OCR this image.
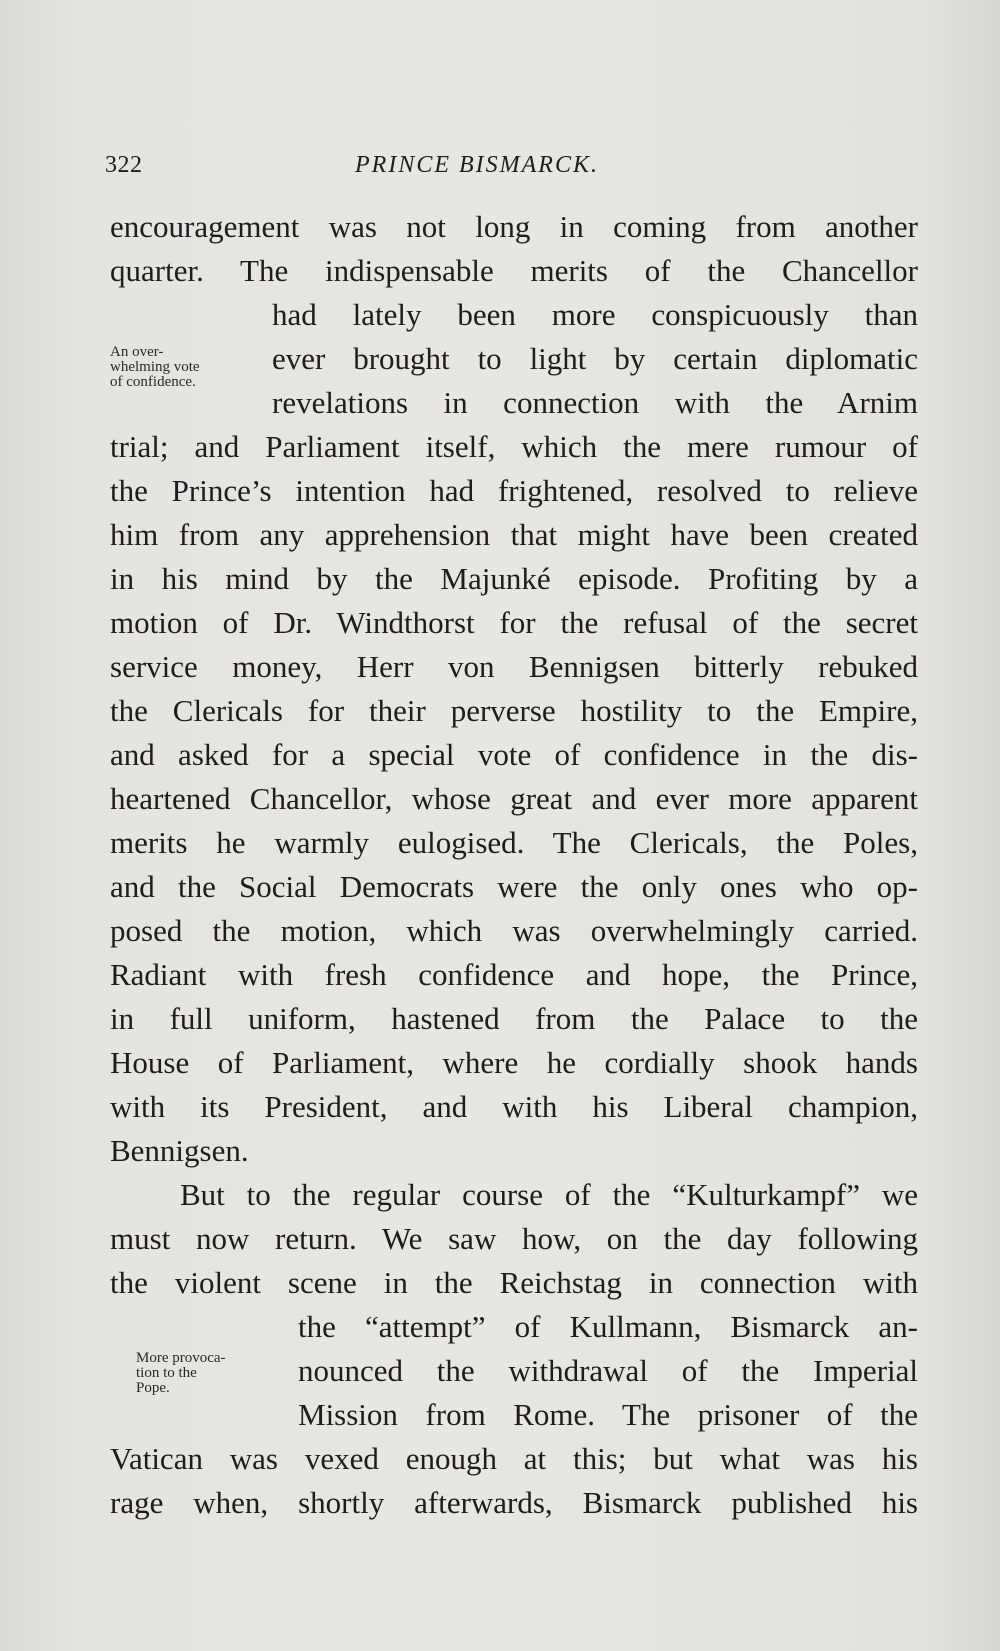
322	PRINCE BISMARCK.
An over-
whelming vote
of confidence.
More provoca-
tion to the
Pope.
encouragement was not long in coming from another
quarter. The indispensable merits of the Chancellor
had lately been more conspicuously than
ever brought to light by certain diplomatic
revelations in connection with the Arnim
trial; and Parliament itself, which the mere rumour of
the Prince’s intention had frightened, resolved to relieve
him from any apprehension that might have been created
in his mind by the Majunké episode. Profiting by a
motion of Dr. Windthorst for the refusal of the secret
service money, Herr von Bennigsen bitterly rebuked
the Clericals for their perverse hostility to the Empire,
and asked for a special vote of confidence in the dis-
heartened Chancellor, whose great and ever more apparent
merits he warmly eulogised. The Clericals, the Poles,
and the Social Democrats were the only ones who op-
posed the motion, which was overwhelmingly carried.
Radiant with fresh confidence and hope, the Prince,
in full uniform, hastened from the Palace to the
House of Parliament, where he cordially shook hands
with its President, and with his Liberal champion,
Bennigsen.
But to the regular course of the “Kulturkampf” we
must now return. We saw how, on the day following
the violent scene in the Reichstag in connection with
the “attempt” of Kullmann, Bismarck an-
nounced the withdrawal of the Imperial
Mission from Rome. The prisoner of the
Vatican was vexed enough at this; but what was his
rage when, shortly afterwards, Bismarck published his
